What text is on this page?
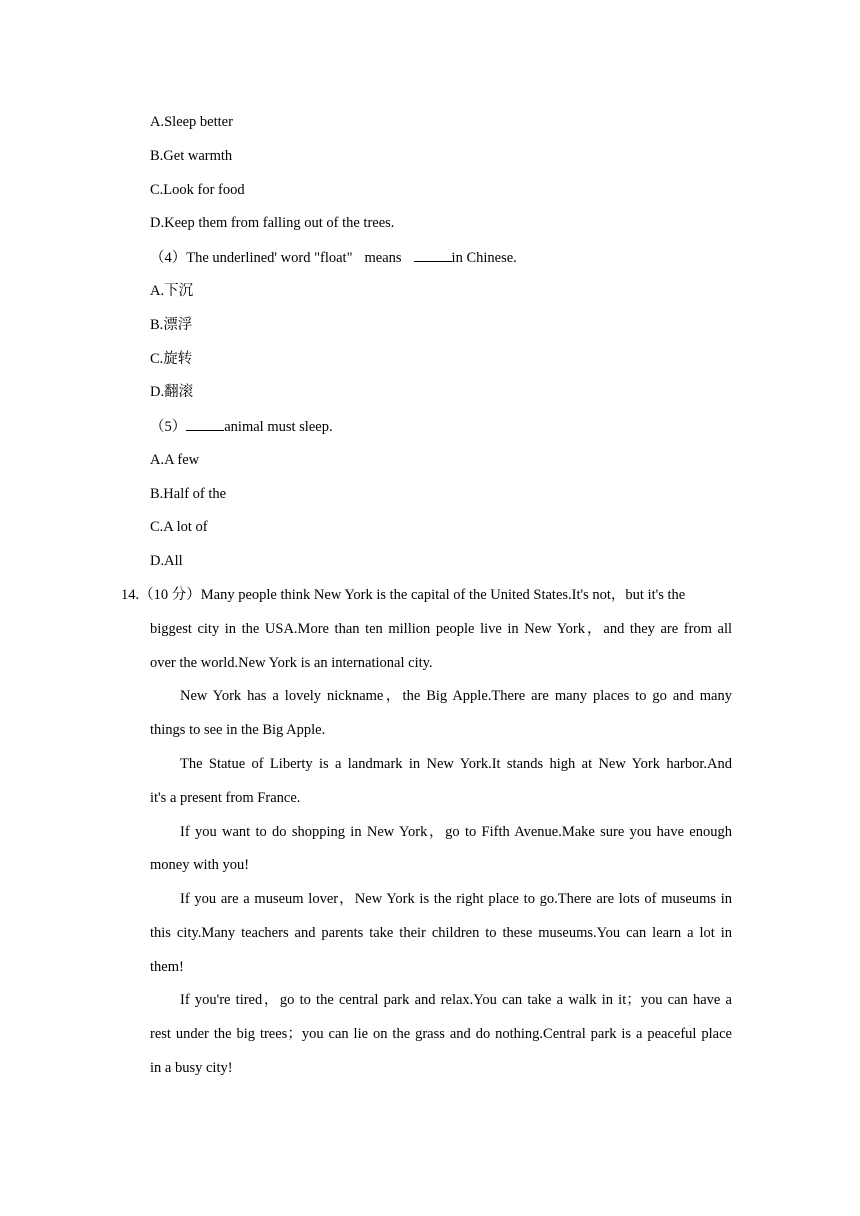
A.Sleep better
B.Get warmth
C.Look for food
D.Keep them from falling out of the trees.
（4）The underlined' word "float" means	in Chinese.
A.下沉
B.漂浮
C.旋转
D.翻滚
（5）	animal must sleep.
A.A few
B.Half of the
C.A lot of
D.All
14.（10 分）Many people think New York is the capital of the United States.It's not，but it's the
biggest city in the USA.More than ten million people live in New York，and they are from all
over the world.New York is an international city.
New York has a lovely nickname，the Big Apple.There are many places to go and many
things to see in the Big Apple.
The Statue of Liberty is a landmark in New York.It stands high at New York harbor.And
it's a present from France.
If you want to do shopping in New York，go to Fifth Avenue.Make sure you have enough
money with you!
If you are a museum lover，New York is the right place to go.There are lots of museums in
this city.Many teachers and parents take their children to these museums.You can learn a lot in
them!
If you're tired，go to the central park and relax.You can take a walk in it；you can have a
rest under the big trees；you can lie on the grass and do nothing.Central park is a peaceful place
in a busy city!
